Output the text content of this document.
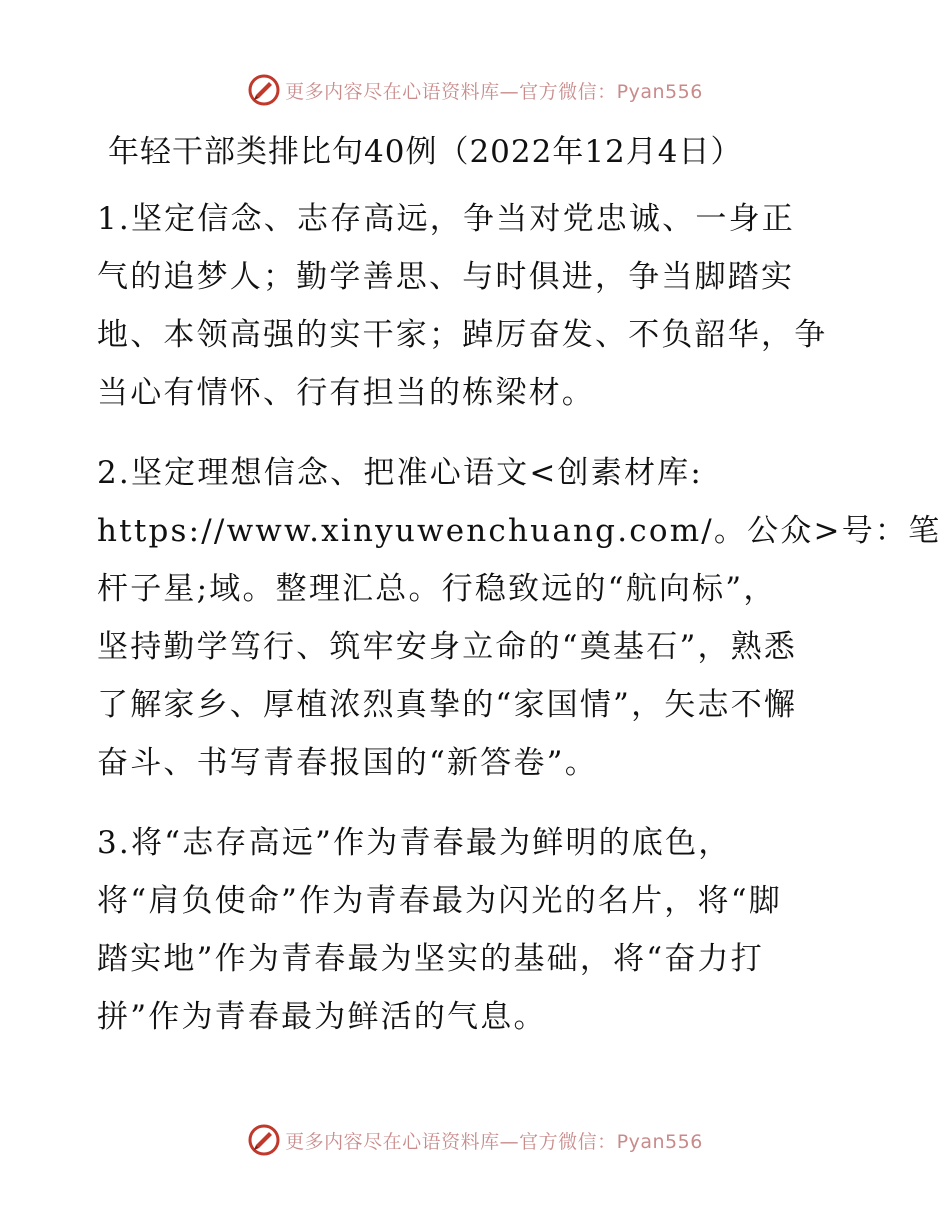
更多内容尽在心语资料库—官方微信：Pyan556
年轻干部类排比句40例（2022年12月4日）

1.坚定信念、志存高远，争当对党忠诚、一身正
气的追梦人；勤学善思、与时俱进，争当脚踏实
地、本领高强的实干家；踔厉奋发、不负韶华，争
当心有情怀、行有担当的栋梁材。

2.坚定理想信念、把准心语文<创素材库:
https://www.xinyuwenchuang.com/。公众>号：笔
杆子星;域。整理汇总。行稳致远的“航向标”，
坚持勤学笃行、筑牢安身立命的“奠基石”，熟悉
了解家乡、厚植浓烈真挚的“家国情”，矢志不懈
奋斗、书写青春报国的“新答卷”。

3.将“志存高远”作为青春最为鲜明的底色，
将“肩负使命”作为青春最为闪光的名片，将“脚
踏实地”作为青春最为坚实的基础，将“奋力打
拼”作为青春最为鲜活的气息。

更多内容尽在心语资料库—官方微信：Pyan556
